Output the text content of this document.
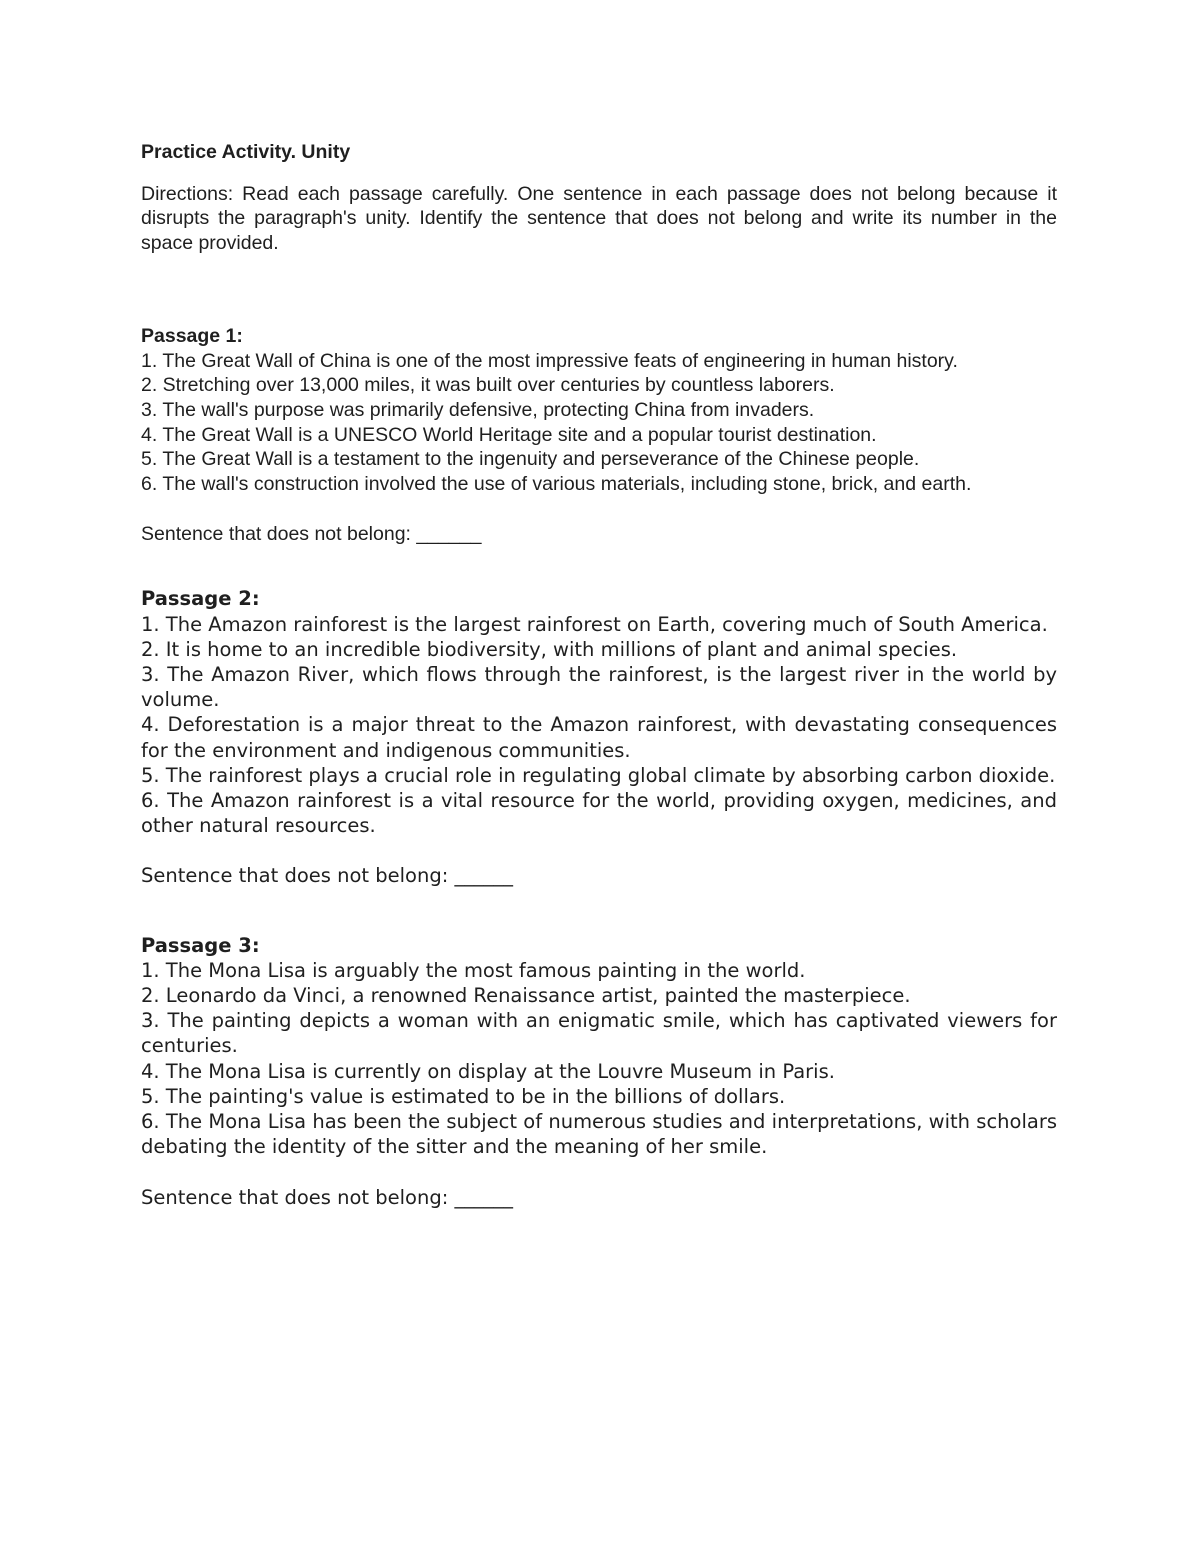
Practice Activity. Unity

Directions: Read each passage carefully. One sentence in each passage does not belong because it disrupts the paragraph's unity. Identify the sentence that does not belong and write its number in the space provided.

Passage 1:

1. The Great Wall of China is one of the most impressive feats of engineering in human history.

2. Stretching over 13,000 miles, it was built over centuries by countless laborers.

3. The wall's purpose was primarily defensive, protecting China from invaders.

4. The Great Wall is a UNESCO World Heritage site and a popular tourist destination.

5. The Great Wall is a testament to the ingenuity and perseverance of the Chinese people.

6. The wall's construction involved the use of various materials, including stone, brick, and earth.

Sentence that does not belong: ______

Passage 2:

1. The Amazon rainforest is the largest rainforest on Earth, covering much of South America.

2. It is home to an incredible biodiversity, with millions of plant and animal species.

3. The Amazon River, which flows through the rainforest, is the largest river in the world by volume.

4. Deforestation is a major threat to the Amazon rainforest, with devastating consequences for the environment and indigenous communities.

5. The rainforest plays a crucial role in regulating global climate by absorbing carbon dioxide.

6. The Amazon rainforest is a vital resource for the world, providing oxygen, medicines, and other natural resources.

Sentence that does not belong: ______

Passage 3:

1. The Mona Lisa is arguably the most famous painting in the world.

2. Leonardo da Vinci, a renowned Renaissance artist, painted the masterpiece.

3. The painting depicts a woman with an enigmatic smile, which has captivated viewers for centuries.

4. The Mona Lisa is currently on display at the Louvre Museum in Paris.

5. The painting's value is estimated to be in the billions of dollars.

6. The Mona Lisa has been the subject of numerous studies and interpretations, with scholars debating the identity of the sitter and the meaning of her smile.

Sentence that does not belong: ______
